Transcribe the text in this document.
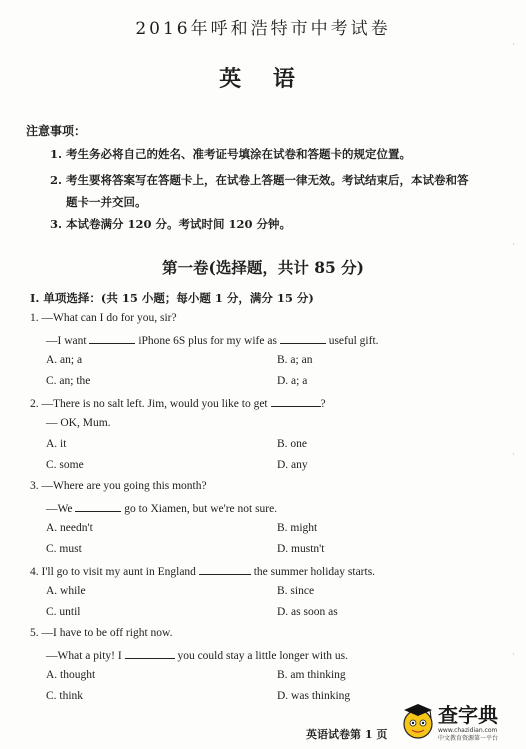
2016年呼和浩特市中考试卷
英 语
注意事项：
1. 考生务必将自己的姓名、准考证号填涂在试卷和答题卡的规定位置。
2. 考生要将答案写在答题卡上，在试卷上答题一律无效。考试结束后，本试卷和答
题卡一并交回。
3. 本试卷满分 120 分。考试时间 120 分钟。
第一卷(选择题，共计 85 分)
Ⅰ. 单项选择：(共 15 小题；每小题 1 分，满分 15 分)
1. —What can I do for you, sir?
—I want	iPhone 6S plus for my wife as	useful gift.
A. an; a	B. a; an
C. an; the	D. a; a
2. —There is no salt left. Jim, would you like to get	?
— OK, Mum.
A. it	B. one
C. some	D. any
3. —Where are you going this month?
—We	go to Xiamen, but we're not sure.
A. needn't	B. might
C. must	D. mustn't
4. I'll go to visit my aunt in England	the summer holiday starts.
A. while	B. since
C. until	D. as soon as
5. —I have to be off right now.
—What a pity! I	you could stay a little longer with us.
A. thought	B. am thinking
C. think	D. was thinking
英语试卷第 1 页
·
·
·
·
查字典
www.chazidian.com
中文教育资源第一平台
